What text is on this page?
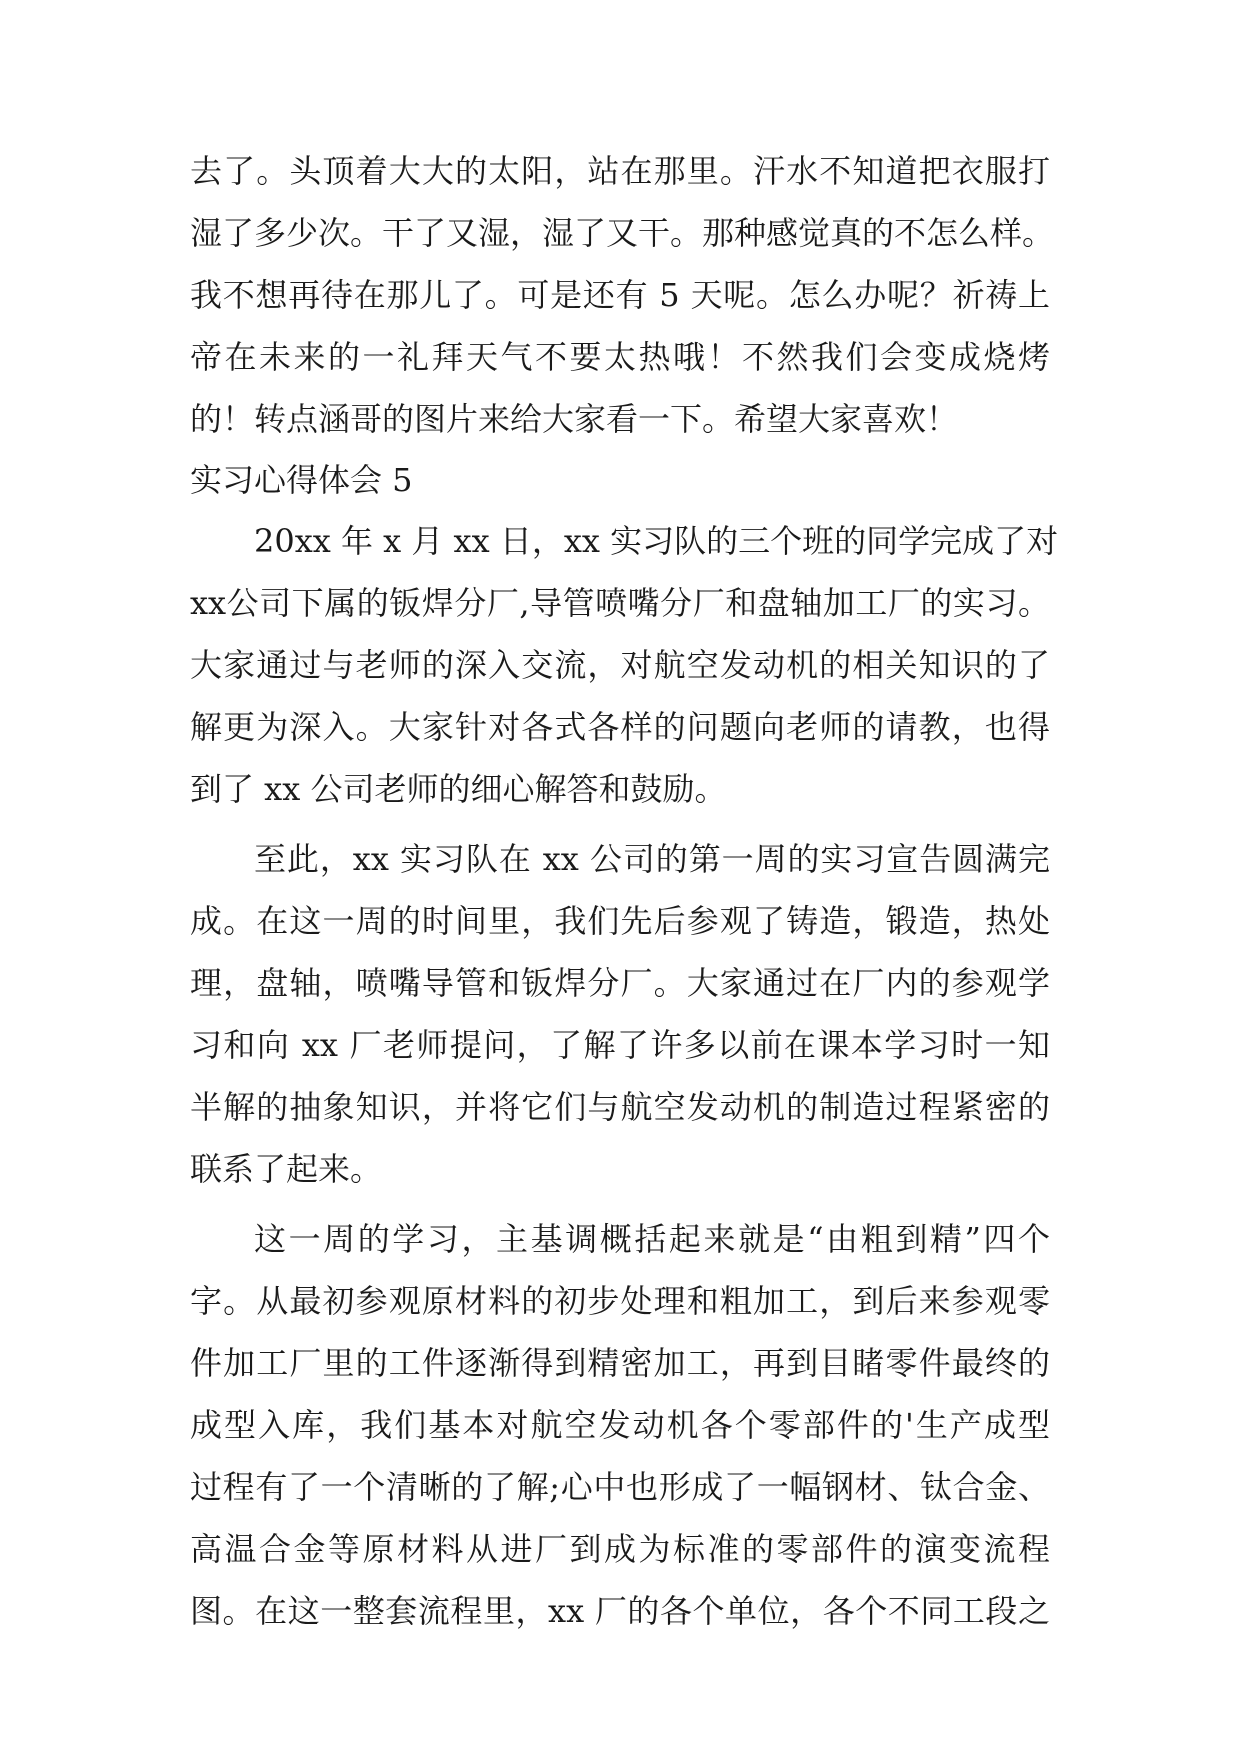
去了。头顶着大大的太阳，站在那里。汗水不知道把衣服打
湿了多少次。干了又湿，湿了又干。那种感觉真的不怎么样。
我不想再待在那儿了。可是还有 5 天呢。怎么办呢？祈祷上
帝在未来的一礼拜天气不要太热哦！不然我们会变成烧烤
的！转点涵哥的图片来给大家看一下。希望大家喜欢！
实习心得体会 5
20xx 年 x 月 xx 日，xx 实习队的三个班的同学完成了对
xx公司下属的钣焊分厂,导管喷嘴分厂和盘轴加工厂的实习。
大家通过与老师的深入交流，对航空发动机的相关知识的了
解更为深入。大家针对各式各样的问题向老师的请教，也得
到了 xx 公司老师的细心解答和鼓励。
至此，xx 实习队在 xx 公司的第一周的实习宣告圆满完
成。在这一周的时间里，我们先后参观了铸造，锻造，热处
理，盘轴，喷嘴导管和钣焊分厂。大家通过在厂内的参观学
习和向 xx 厂老师提问，了解了许多以前在课本学习时一知
半解的抽象知识，并将它们与航空发动机的制造过程紧密的
联系了起来。
这一周的学习，主基调概括起来就是“由粗到精”四个
字。从最初参观原材料的初步处理和粗加工，到后来参观零
件加工厂里的工件逐渐得到精密加工，再到目睹零件最终的
成型入库，我们基本对航空发动机各个零部件的'生产成型
过程有了一个清晰的了解;心中也形成了一幅钢材、钛合金、
高温合金等原材料从进厂到成为标准的零部件的演变流程
图。在这一整套流程里，xx 厂的各个单位，各个不同工段之
